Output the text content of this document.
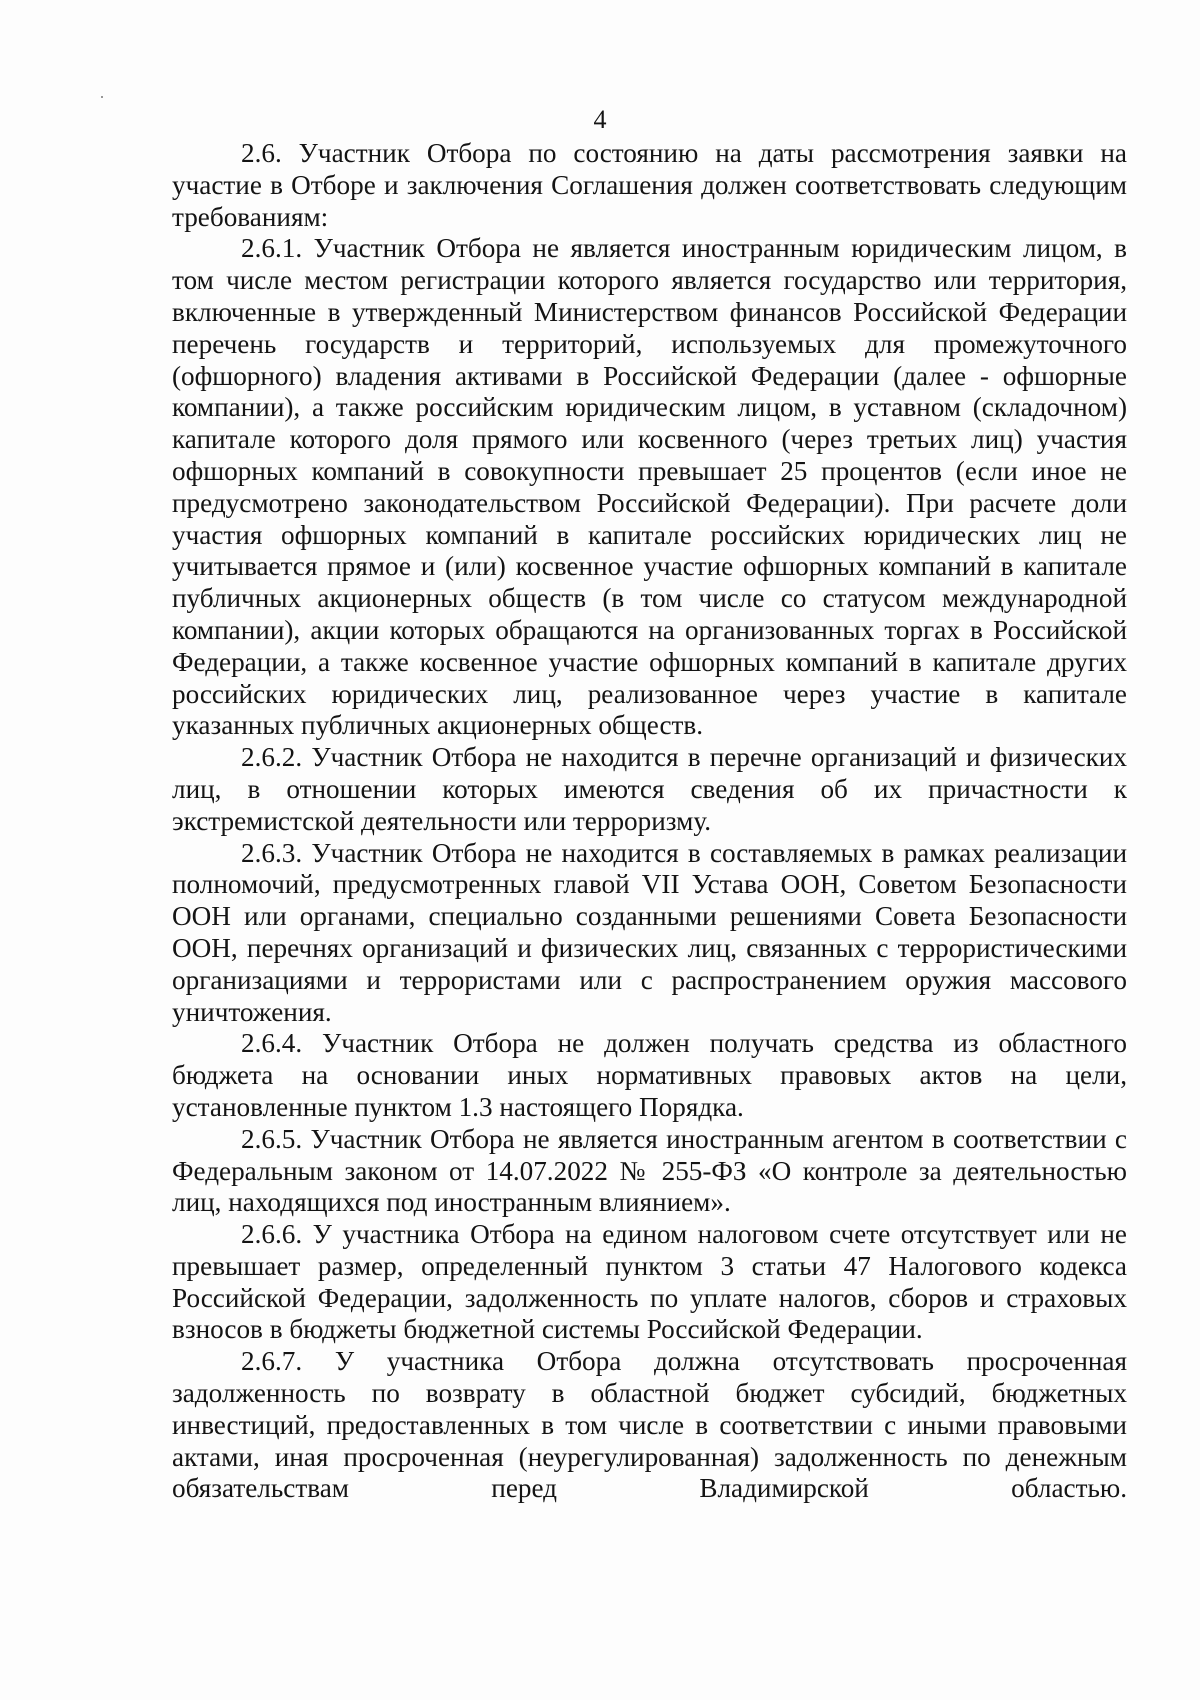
4

2.6. Участник Отбора по состоянию на даты рассмотрения заявки на участие в Отборе и заключения Соглашения должен соответствовать следующим требованиям:

2.6.1. Участник Отбора не является иностранным юридическим лицом, в том числе местом регистрации которого является государство или территория, включенные в утвержденный Министерством финансов Российской Федерации перечень государств и территорий, используемых для промежуточного (офшорного) владения активами в Российской Федерации (далее - офшорные компании), а также российским юридическим лицом, в уставном (складочном) капитале которого доля прямого или косвенного (через третьих лиц) участия офшорных компаний в совокупности превышает 25 процентов (если иное не предусмотрено законодательством Российской Федерации). При расчете доли участия офшорных компаний в капитале российских юридических лиц не учитывается прямое и (или) косвенное участие офшорных компаний в капитале публичных акционерных обществ (в том числе со статусом международной компании), акции которых обращаются на организованных торгах в Российской Федерации, а также косвенное участие офшорных компаний в капитале других российских юридических лиц, реализованное через участие в капитале указанных публичных акционерных обществ.

2.6.2. Участник Отбора не находится в перечне организаций и физических лиц, в отношении которых имеются сведения об их причастности к экстремистской деятельности или терроризму.

2.6.3. Участник Отбора не находится в составляемых в рамках реализации полномочий, предусмотренных главой VII Устава ООН, Советом Безопасности ООН или органами, специально созданными решениями Совета Безопасности ООН, перечнях организаций и физических лиц, связанных с террористическими организациями и террористами или с распространением оружия массового уничтожения.

2.6.4. Участник Отбора не должен получать средства из областного бюджета на основании иных нормативных правовых актов на цели, установленные пунктом 1.3 настоящего Порядка.

2.6.5. Участник Отбора не является иностранным агентом в соответствии с Федеральным законом от 14.07.2022 № 255-ФЗ «О контроле за деятельностью лиц, находящихся под иностранным влиянием».

2.6.6. У участника Отбора на едином налоговом счете отсутствует или не превышает размер, определенный пунктом 3 статьи 47 Налогового кодекса Российской Федерации, задолженность по уплате налогов, сборов и страховых взносов в бюджеты бюджетной системы Российской Федерации.

2.6.7. У участника Отбора должна отсутствовать просроченная задолженность по возврату в областной бюджет субсидий, бюджетных инвестиций, предоставленных в том числе в соответствии с иными правовыми актами, иная просроченная (неурегулированная) задолженность по денежным обязательствам перед Владимирской областью.
